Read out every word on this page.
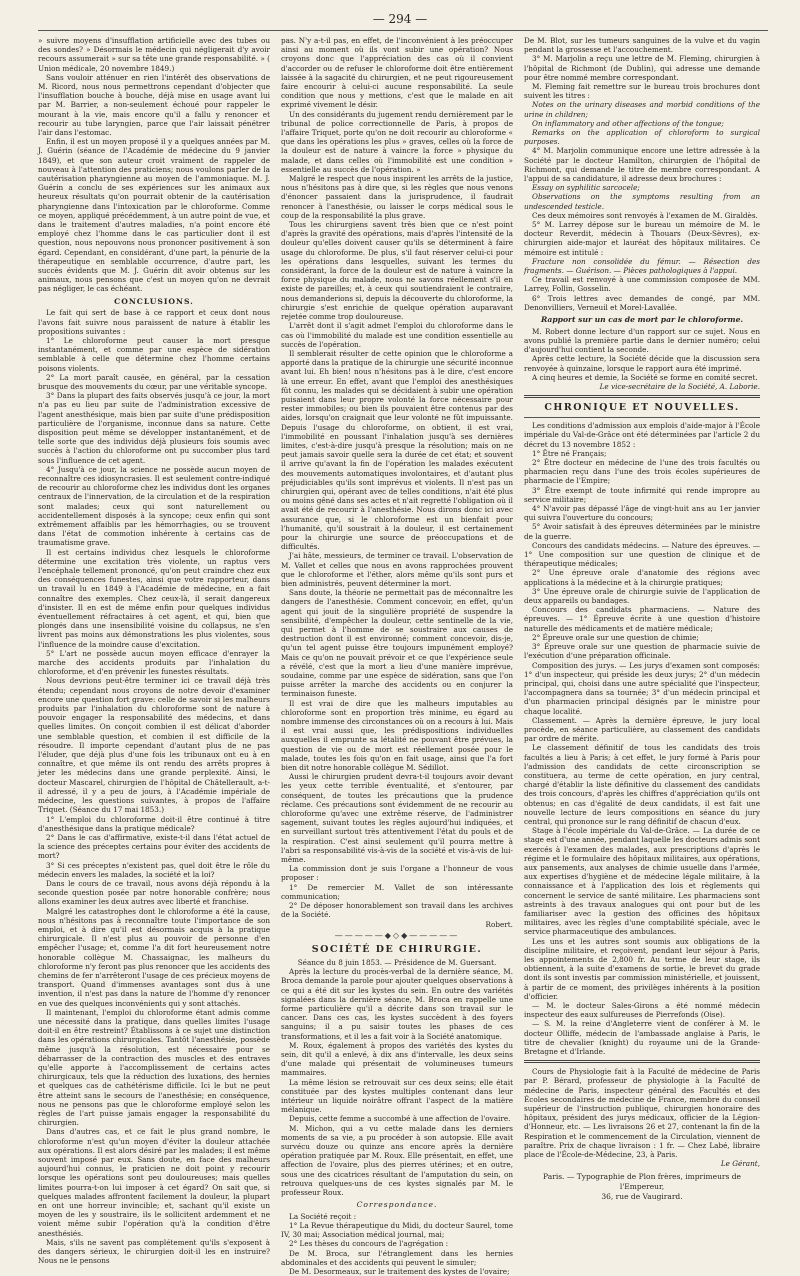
— 294 —

» suivre moyens d'insufflation artificielle avec des tubes ou des sondes? » Désormais le médecin qui négligerait d'y avoir recours assumerait » sur sa tête une grande responsabilité. » ( Union médicale, 20 novembre 1849.)

Sans vouloir atténuer en rien l'intérêt des observations de M. Ricord, nous nous permettrons cependant d'objecter que l'insufflation bouche à bouche, déjà mise en usage avant lui par M. Barrier, a non-seulement échoué pour rappeler le mourant à la vie, mais encore qu'il a fallu y renoncer et recourir au tube laryngien, parce que l'air laissait pénétrer l'air dans l'estomac.

Enfin, il est un moyen proposé il y a quelques années par M. J. Guérin (séance de l'Académie de médecine du 9 janvier 1849), et que son auteur croit vraiment de rappeler de nouveau à l'attention des praticiens; nous voulons parler de la cautérisation pharyngienne au moyen de l'ammoniaque. M. J. Guérin a conclu de ses expériences sur les animaux aux heureux résultats qu'on pourrait obtenir de la cautérisation pharyngienne dans l'intoxication par le chloroforme. Comme ce moyen, appliqué précédemment, à un autre point de vue, et dans le traitement d'autres maladies, n'a point encore été employé chez l'homme dans le cas particulier dont il est question, nous nepouvons nous prononcer positivement à son égard. Cependant, en considérant, d'une part, la pénurie de la thérapeutique en semblable occurrence, d'autre part, les succès évidents que M. J. Guérin dit avoir obtenus sur les animaux, nous pensons que c'est un moyen qu'on ne devrait pas négliger, le cas échéant.

CONCLUSIONS.

Le fait qui sert de base à ce rapport et ceux dont nous l'avons fait suivre nous paraissent de nature à établir les propositions suivantes :

1° Le chloroforme peut causer la mort presque instantanément, et comme par une espèce de sidération semblable à celle que détermine chez l'homme certains poisons violents.

2° La mort paraît causée, en général, par la cessation brusque des mouvements du cœur, par une véritable syncope.

3° Dans la plupart des faits observés jusqu'à ce jour, la mort n'a pas eu lieu par suite de l'administration excessive de l'agent anesthésique, mais bien par suite d'une prédisposition particulière de l'organisme, inconnue dans sa nature. Cette disposition peut même se développer instantanément, et de telle sorte que des individus déjà plusieurs fois soumis avec succès à l'action du chloroforme ont pu succomber plus tard sous l'influence de cet agent.

4° Jusqu'à ce jour, la science ne possède aucun moyen de reconnaître ces idiosyncrasies. Il est seulement contre-indiqué de recourir au chloroforme chez les individus dont les organes centraux de l'innervation, de la circulation et de la respiration sont malades; ceux qui sont naturellement ou accidentellement disposés à la syncope; ceux enfin qui sont extrêmement affaiblis par les hémorrhagies, ou se trouvent dans l'état de commotion inhérente à certains cas de traumatisme grave.

Il est certains individus chez lesquels le chloroforme détermine une excitation très violente, un raptus vers l'encéphale tellement prononcé, qu'on peut craindre chez eux des conséquences funestes, ainsi que votre rapporteur, dans un travail lu en 1849 à l'Académie de médecine, en a fait connaître des exemples. Chez ceux-là, il serait dangereux d'insister. Il en est de même enfin pour quelques individus éventuellement réfractaires à cet agent, et qui, bien que plongés dans une insensibilité voisine du collapsus, ne s'en livrent pas moins aux démonstrations les plus violentes, sous l'influence de la moindre cause d'excitation.

5° L'art ne possède aucun moyen efficace d'enrayer la marche des accidents produits par l'inhalation du chloroforme, et d'en prévenir les funestes résultats.

Nous devrions peut-être terminer ici ce travail déjà très étendu; cependant nous croyons de notre devoir d'examiner encore une question fort grave: celle de savoir si les malheurs produits par l'inhalation du chloroforme sont de nature à pouvoir engager la responsabilité des médecins, et dans quelles limites. On conçoit combien il est délicat d'aborder une semblable question, et combien il est difficile de la résoudre. Il importe cependant d'autant plus de ne pas l'éluder, que déjà plus d'une fois les tribunaux ont eu à en connaître, et que même ils ont rendu des arrêts propres à jeter les médecins dans une grande perplexité. Ainsi, le docteur Mascarel, chirurgien de l'hôpital de Châtellerault, a-t-il adressé, il y a peu de jours, à l'Académie impériale de médecine, les questions suivantes, à propos de l'affaire Triquet. (Séance du 17 mai 1853.)

1° L'emploi du chloroforme doit-il être continué à titre d'anesthésique dans la pratique médicale?

2° Dans le cas d'affirmative, existe-t-il dans l'état actuel de la science des préceptes certains pour éviter des accidents de mort?

3° Si ces préceptes n'existent pas, quel doit être le rôle du médecin envers les malades, la société et la loi?

Dans le cours de ce travail, nous avons déjà répondu à la seconde question posée par notre honorable confrère; nous allons examiner les deux autres avec liberté et franchise.

Malgré les catastrophes dont le chloroforme a été la cause, nous n'hésitons pas à reconnaître toute l'importance de son emploi, et à dire qu'il est désormais acquis à la pratique chirurgicale. Il n'est plus au pouvoir de personne d'en empêcher l'usage; et, comme l'a dit fort heureusement notre honorable collègue M. Chassaignac, les malheurs du chloroforme n'y feront pas plus renoncer que les accidents des chemins de fer n'arrêteront l'usage de ces précieux moyens de transport. Quand d'immenses avantages sont dus à une invention, il n'est pas dans la nature de l'homme d'y renoncer en vue des quelques inconvénients qui y sont attachés.

Il maintenant, l'emploi du chloroforme étant admis comme une nécessité dans la pratique, dans quelles limites l'usage doit-il en être restreint? Établissons à ce sujet une distinction dans les opérations chirurgicales. Tantôt l'anesthésie, possède même jusqu'à la résolution, est nécessaire pour se débarrasser de la contraction des muscles et des entraves qu'elle apporte à l'accomplissement de certains actes chirurgicaux, tels que la réduction des luxations, des hernies et quelques cas de cathétérisme difficile. Ici le but ne peut être atteint sans le secours de l'anesthésie; en conséquence, nous ne pensons pas que le chloroforme employé selon les règles de l'art puisse jamais engager la responsabilité du chirurgien.

Dans d'autres cas, et ce fait le plus grand nombre, le chloroforme n'est qu'un moyen d'éviter la douleur attachée aux opérations. Il est alors désiré par les malades; il est même souvent imposé par eux. Sans doute, en face des malheurs aujourd'hui connus, le praticien ne doit point y recourir lorsque les opérations sont peu douloureuses; mais quelles limites pourra-t-on lui imposer à cet égard? On sait que, si quelques malades affrontent facilement la douleur, la plupart en ont une horreur invincible; et, sachant qu'il existe un moyen de les y soustraire, ils le sollicitent ardemment et ne voient même subir l'opération qu'à la condition d'être anesthésiés.

Mais, s'ils ne savent pas complétement qu'ils s'exposent à des dangers sérieux, le chirurgien doit-il les en instruire? Nous ne le pensons

pas. N'y a-t-il pas, en effet, de l'inconvénient à les préoccuper ainsi au moment où ils vont subir une opération? Nous croyons donc que l'appréciation des cas où il convient d'accorder ou de refuser le chloroforme doit être entièrement laissée à la sagacité du chirurgien, et ne peut rigoureusement faire encourir à celui-ci aucune responsabilité. La seule condition que nous y mettions, c'est que le malade en ait exprimé vivement le désir.

Un des considérants du jugement rendu dernièrement par le tribunal de police correctionnelle de Paris, à propos de l'affaire Triquet, porte qu'on ne doit recourir au chloroforme « que dans les opérations les plus » graves, celles où la force de la douleur est de nature à vaincre la force » physique du malade, et dans celles où l'immobilité est une condition » essentielle au succès de l'opération. »

Malgré le respect que nous inspirent les arrêts de la justice, nous n'hésitons pas à dire que, si les règles que nous venons d'énoncer passaient dans la jurisprudence, il faudrait renoncer à l'anesthésie, ou laisser le corps médical sous le coup de la responsabilité la plus grave.

Tous les chirurgiens savent très bien que ce n'est point d'après la gravité des opérations, mais d'après l'intensité de la douleur qu'elles doivent causer qu'ils se déterminent à faire usage du chloroforme. De plus, s'il faut réserver celui-ci pour les opérations dans lesquelles, suivant les termes du considérant, la force de la douleur est de nature à vaincre la force physique du malade, nous ne savons réellement s'il en existe de pareilles; et, à ceux qui soutiendraient le contraire, nous demanderions si, depuis la découverte du chloroforme, la chirurgie s'est enrichie de quelque opération auparavant rejetée comme trop douloureuse.

L'arrêt dont il s'agit admet l'emploi du chloroforme dans le cas où l'immobilité du malade est une condition essentielle au succès de l'opération.

Il semblerait résulter de cette opinion que le chloroforme a apporté dans la pratique de la chirurgie une sécurité inconnue avant lui. Eh bien! nous n'hésitons pas à le dire, c'est encore là une erreur. En effet, avant que l'emploi des anesthésiques fût connu, les malades qui se décidaient à subir une opération puisaient dans leur propre volonté la force nécessaire pour rester immobiles; ou bien ils pouvaient être contenus par des aides, lorsqu'on craignait que leur volonté ne fût impuissante. Depuis l'usage du chloroforme, on obtient, il est vrai, l'immobilité en poussant l'inhalation jusqu'à ses dernières limites, c'est-à-dire jusqu'à presque la résolution; mais on ne peut jamais savoir quelle sera la durée de cet état; et souvent il arrive qu'avant la fin de l'opération les malades exécutent des mouvements automatiques involontaires, et d'autant plus préjudiciables qu'ils sont imprévus et violents. Il n'est pas un chirurgien qui, opérant avec de telles conditions, n'ait été plus ou moins gêné dans ses actes et n'ait regretté l'obligation où il avait été de recourir à l'anesthésie. Nous dirons donc ici avec assurance que, si le chloroforme est un bienfait pour l'humanité, qu'il soustrait à la douleur, il est certainement pour la chirurgie une source de préoccupations et de difficultés.

J'ai hâte, messieurs, de terminer ce travail. L'observation de M. Vallet et celles que nous en avons rapprochées prouvent que le chloroforme et l'éther, alors même qu'ils sont purs et bien administrés, peuvent déterminer la mort.

Sans doute, la théorie ne permettait pas de méconnaître les dangers de l'anesthésie. Comment concevoir, en effet, qu'un agent qui jouit de la singulière propriété de suspendre la sensibilité, d'empêcher la douleur, cette sentinelle de la vie, qui permet à l'homme de se soustraire aux causes de destruction dont il est environné; comment concevoir, dis-je, qu'un tel agent puisse être toujours impunément employé? Mais ce qu'on ne pouvait prévoir et ce que l'expérience seule a révélé, c'est que la mort a lieu d'une manière imprévue, soudaine, comme par une espèce de sidération, sans que l'on puisse arrêter la marche des accidents ou en conjurer la terminaison funeste.

Il est vrai de dire que les malheurs imputables au chloroforme sont en proportion très minime, eu égard au nombre immense des circonstances où on a recours à lui. Mais il est vrai aussi que, les prédispositions individuelles auxquelles il emprunte sa létalité ne pouvant être prévues, la question de vie ou de mort est réellement posée pour le malade, toutes les fois qu'on en fait usage, ainsi que l'a fort bien dit notre honorable collègue M. Sédillot.

Aussi le chirurgien prudent devra-t-il toujours avoir devant les yeux cette terrible éventualité, et s'entourer, par conséquent, de toutes les précautions que la prudence réclame. Ces précautions sont évidemment de ne recourir au chloroforme qu'avec une extrême réserve, de l'administrer sagement, suivant toutes les règles aujourd'hui indiquées, et en surveillant surtout très attentivement l'état du pouls et de la respiration. C'est ainsi seulement qu'il pourra mettre à l'abri sa responsabilité vis-à-vis de la société et vis-à-vis de lui-même.

La commission dont je suis l'organe a l'honneur de vous proposer :

1° De remercier M. Vallet de son intéressante communication;

2° De déposer honorablement son travail dans les archives de la Société.

Robert.

—————◆◇◆—————
SOCIÉTÉ DE CHIRURGIE.

Séance du 8 juin 1853. — Présidence de M. Guersant.

Après la lecture du procès-verbal de la dernière séance, M. Broca demande la parole pour ajouter quelques observations à ce qui a été dit sur les kystes du sein. En outre des variétés signalées dans la dernière séance, M. Broca en rappelle une forme particulière qu'il a décrite dans son travail sur le cancer. Dans ces cas, les kystes succèdent à des foyers sanguins; il a pu saisir toutes les phases de ces transformations, et il les a fait voir à la Société anatomique.

M. Roux, également à propos des variétés des kystes du sein, dit qu'il a enlevé, à dix ans d'intervalle, les deux seins d'une malade qui présentait de volumineuses tumeurs mammaires.

La même lésion se retrouvait sur ces deux seins; elle était constituée par des kystes multiples contenant dans leur intérieur un liquide noirâtre offrant l'aspect de la matière mélanique.

Depuis, cette femme a succombé à une affection de l'ovaire.

M. Michon, qui a vu cette malade dans les derniers moments de sa vie, a pu procéder à son autopsie. Elle avait survécu douze ou quinze ans encore après la dernière opération pratiquée par M. Roux. Elle présentait, en effet, une affection de l'ovaire, plus des pierres utérines; et en outre, sous une des cicatrices résultant de l'amputation du sein, on retrouva quelques-uns de ces kystes signalés par M. le professeur Roux.

Correspondance.

La Société reçoit :

1° La Revue thérapeutique du Midi, du docteur Saurel, tome IV, 30 mai; Association médical journal, mai;

2° Les thèses du concours de l'agrégation :

De M. Broca, sur l'étranglement dans les hernies abdominales et des accidents qui peuvent le simuler;

De M. Desormeaux, sur le traitement des kystes de l'ovaire;

De M. Blot, sur les tumeurs sanguines de la vulve et du vagin pendant la grossesse et l'accouchement.

3° M. Marjolin a reçu une lettre de M. Fleming, chirurgien à l'hôpital de Richmont (de Dublin), qui adresse une demande pour être nommé membre correspondant.

M. Fleming fait remettre sur le bureau trois brochures dont suivent les titres :

Notes on the urinary diseases and morbid conditions of the urine in children;

On inflammatory and other affections of the tongue;

Remarks on the application of chloroform to surgical purposes.

4° M. Marjolin communique encore une lettre adressée à la Société par le docteur Hamilton, chirurgien de l'hôpital de Richmont, qui demande le titre de membre correspondant. A l'appui de sa candidature, il adresse deux brochures :

Essay on syphilitic sarcocele;

Observations on the symptoms resulting from an undescended testicle.

Ces deux mémoires sont renvoyés à l'examen de M. Giraldès.

5° M. Larrey dépose sur le bureau un mémoire de M. le docteur Reverdit, médecin à Thouars (Deux-Sèvres), ex-chirurgien aide-major et lauréat des hôpitaux militaires. Ce mémoire est intitulé :

Fracture non consolidée du fémur. — Résection des fragments. — Guérison. — Pièces pathologiques à l'appui.

Ce travail est renvoyé à une commission composée de MM. Larrey, Follin, Gosselin.

6° Trois lettres avec demandes de congé, par MM. Denonvilliers, Verneuil et Morel-Lavallée.

Rapport sur un cas de mort par le chloroforme.

M. Robert donne lecture d'un rapport sur ce sujet. Nous en avons publié la première partie dans le dernier numéro; celui d'aujourd'hui contient la seconde.

Après cette lecture, la Société décide que la discussion sera renvoyée à quinzaine, lorsque le rapport aura été imprimé.

A cinq heures et demie, la Société se forme en comité secret.

Le vice-secrétaire de la Société, A. Laborie.

CHRONIQUE ET NOUVELLES.

Les conditions d'admission aux emplois d'aide-major à l'École impériale du Val-de-Grâce ont été déterminées par l'article 2 du décret du 13 novembre 1852 :

1° Être né Français;

2° Être docteur en médecine de l'une des trois facultés ou pharmacien reçu dans l'une des trois écoles supérieures de pharmacie de l'Empire;

3° Être exempt de toute infirmité qui rende impropre au service militaire;

4° N'avoir pas dépassé l'âge de vingt-huit ans au 1er janvier qui suivra l'ouverture du concours;

5° Avoir satisfait à des épreuves déterminées par le ministre de la guerre.

Concours des candidats médecins. — Nature des épreuves. — 1° Une composition sur une question de clinique et de thérapeutique médicales;

2° Une épreuve orale d'anatomie des régions avec applications à la médecine et à la chirurgie pratiques;

3° Une épreuve orale de chirurgie suivie de l'application de deux appareils ou bandages.

Concours des candidats pharmaciens. — Nature des épreuves. — 1° Épreuve écrite à une question d'histoire naturelle des médicaments et de matière médicale;

2° Épreuve orale sur une question de chimie;

3° Épreuve orale sur une question de pharmacie suivie de l'exécution d'une préparation officinale.

Composition des jurys. — Les jurys d'examen sont composés: 1° d'un inspecteur, qui préside les deux jurys; 2° d'un médecin principal, qui, choisi dans une autre spécialité que l'inspecteur, l'accompagnera dans sa tournée; 3° d'un médecin principal et d'un pharmacien principal désignés par le ministre pour chaque localité.

Classement. — Après la dernière épreuve, le jury local procède, en séance particulière, au classement des candidats par ordre de mérite.

Le classement définitif de tous les candidats des trois facultés a lieu à Paris; à cet effet, le jury formé à Paris pour l'admission des candidats de cette circonscription se constituera, au terme de cette opération, en jury central, chargé d'établir la liste définitive du classement des candidats des trois concours, d'après les chiffres d'appréciation qu'ils ont obtenus; en cas d'égalité de deux candidats, il est fait une nouvelle lecture de leurs compositions en séance du jury central, qui prononce sur le rang définitif de chacun d'eux.

Stage à l'école impériale du Val-de-Grâce. — La durée de ce stage est d'une année, pendant laquelle les docteurs admis sont exercés à l'examen des malades, aux prescriptions d'après le régime et le formulaire des hôpitaux militaires, aux opérations, aux pansements, aux analyses de chimie usuelle dans l'armée, aux expertises d'hygiène et de médecine légale militaire, à la connaissance et à l'application des lois et règlements qui concernent le service de santé militaire. Les pharmaciens sont astreints à des travaux analogues qui ont pour but de les familiariser avec la gestion des officines des hôpitaux militaires, avec les règles d'une comptabilité spéciale, avec le service pharmaceutique des ambulances.

Les uns et les autres sont soumis aux obligations de la discipline militaire, et reçoivent, pendant leur séjour à Paris, les appointements de 2,800 fr. Au terme de leur stage, ils obtiennent, à la suite d'examens de sortie, le brevet du grade dont ils sont investis par commission ministérielle, et jouissent, à partir de ce moment, des privilèges inhérents à la position d'officier.

— M. le docteur Sales-Girons a été nommé médecin inspecteur des eaux sulfureuses de Pierrefonds (Oise).

— S. M. la reine d'Angleterre vient de conférer à M. le docteur Olliffe, médecin de l'ambassade anglaise à Paris, le titre de chevalier (knight) du royaume uni de la Grande-Bretagne et d'Irlande.

Cours de Physiologie fait à la Faculté de médecine de Paris par P. Bérard, professeur de physiologie à la Faculté de médecine de Paris, inspecteur général des Facultés et des Écoles secondaires de médecine de France, membre du conseil supérieur de l'instruction publique, chirurgien honoraire des hôpitaux, président des jurys médicaux, officier de la Légion-d'Honneur, etc. — Les livraisons 26 et 27, contenant la fin de la Respiration et le commencement de la Circulation, viennent de paraître. Prix de chaque livraison : 1 fr. — Chez Labé, libraire place de l'École-de-Médecine, 23, à Paris.

Le Gérant,

Paris. — Typographie de Plon frères, imprimeurs de l'Empereur,
36, rue de Vaugirard.
